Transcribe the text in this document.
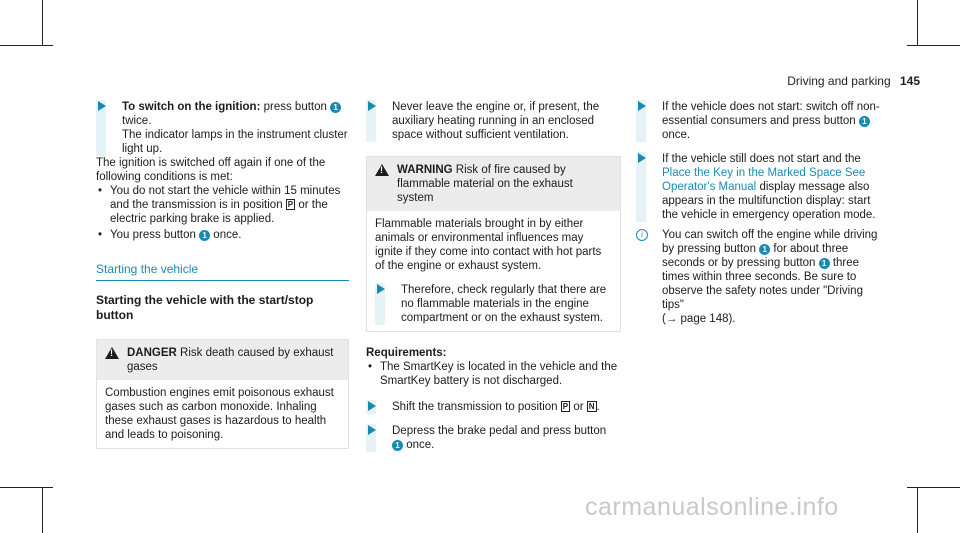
Driving and parking 145
To switch on the ignition: press button 1 twice.
The indicator lamps in the instrument cluster light up.
The ignition is switched off again if one of the following conditions is met:
• You do not start the vehicle within 15 minutes and the transmission is in position P or the electric parking brake is applied.
• You press button 1 once.
Starting the vehicle
Starting the vehicle with the start/stop button
!
DANGER Risk death caused by exhaust gases
Combustion engines emit poisonous exhaust gases such as carbon monoxide. Inhaling these exhaust gases is hazardous to health and leads to poisoning.
Never leave the engine or, if present, the auxiliary heating running in an enclosed space without sufficient ventilation.
!
WARNING Risk of fire caused by flammable material on the exhaust system
Flammable materials brought in by either animals or environmental influences may ignite if they come into contact with hot parts of the engine or exhaust system.
Therefore, check regularly that there are no flammable materials in the engine compartment or on the exhaust system.
Requirements:
• The SmartKey is located in the vehicle and the SmartKey battery is not discharged.
Shift the transmission to position P or N .
Depress the brake pedal and press button
1 once.
If the vehicle does not start: switch off non-essential consumers and press button 1
once.
If the vehicle still does not start and the Place the Key in the Marked Space See Operator's Manual display message also appears in the multifunction display: start the vehicle in emergency operation mode.
i	You can switch off the engine while driving by pressing button 1 for about three seconds or by pressing button 1 three times within three seconds. Be sure to observe the safety notes under "Driving tips"
(→ page 148).
carmanualsonline.info
